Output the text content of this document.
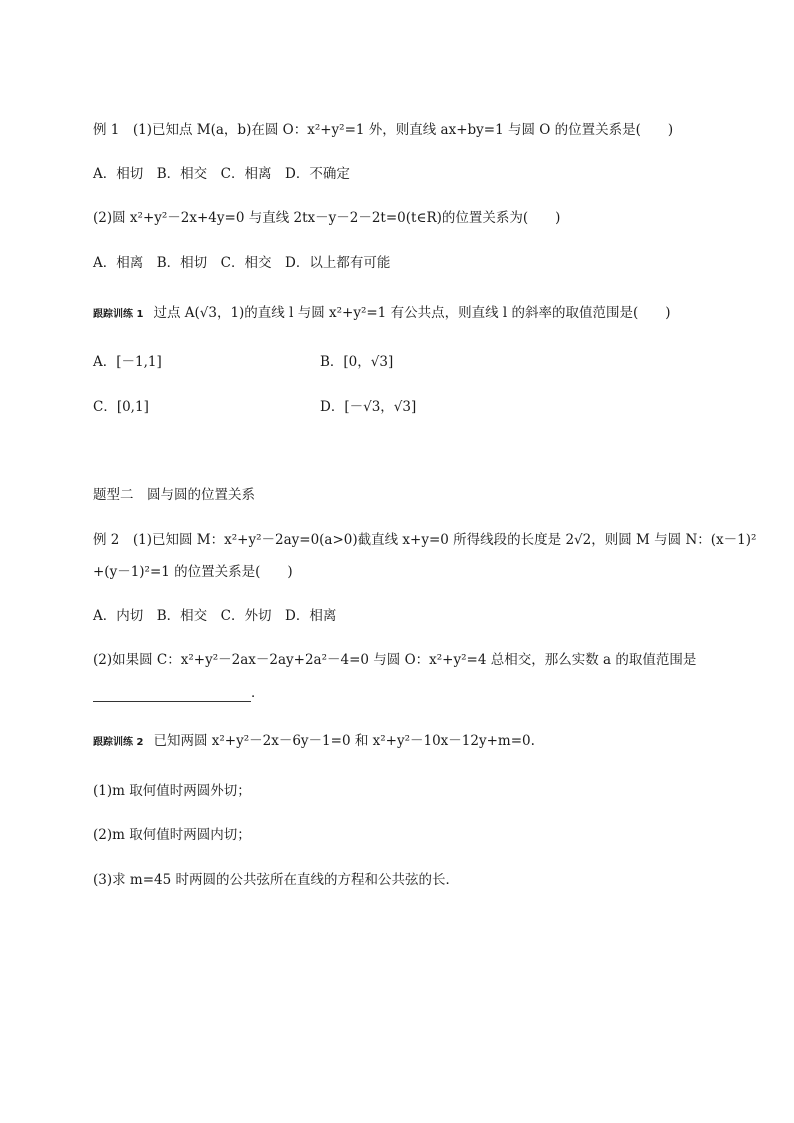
例 1　(1)已知点 M(a，b)在圆 O：x²+y²=1 外，则直线 ax+by=1 与圆 O 的位置关系是(　　)
A．相切　B．相交　C．相离　D．不确定
(2)圆 x²+y²－2x+4y=0 与直线 2tx－y－2－2t=0(t∈R)的位置关系为(　　)
A．相离　B．相切　C．相交　D．以上都有可能
跟踪训练 1 过点 A(√3，1)的直线 l 与圆 x²+y²=1 有公共点，则直线 l 的斜率的取值范围是(　　)
A．[－1,1]	B．[0，√3]
C．[0,1]	D．[－√3，√3]
题型二　圆与圆的位置关系
例 2　(1)已知圆 M：x²+y²－2ay=0(a>0)截直线 x+y=0 所得线段的长度是 2√2，则圆 M 与圆 N：(x－1)²
+(y－1)²=1 的位置关系是(　　)
A．内切　B．相交　C．外切　D．相离
(2)如果圆 C：x²+y²－2ax－2ay+2a²－4=0 与圆 O：x²+y²=4 总相交，那么实数 a 的取值范围是
．
跟踪训练 2 已知两圆 x²+y²－2x－6y－1=0 和 x²+y²－10x－12y+m=0.
(1)m 取何值时两圆外切；
(2)m 取何值时两圆内切；
(3)求 m=45 时两圆的公共弦所在直线的方程和公共弦的长．
